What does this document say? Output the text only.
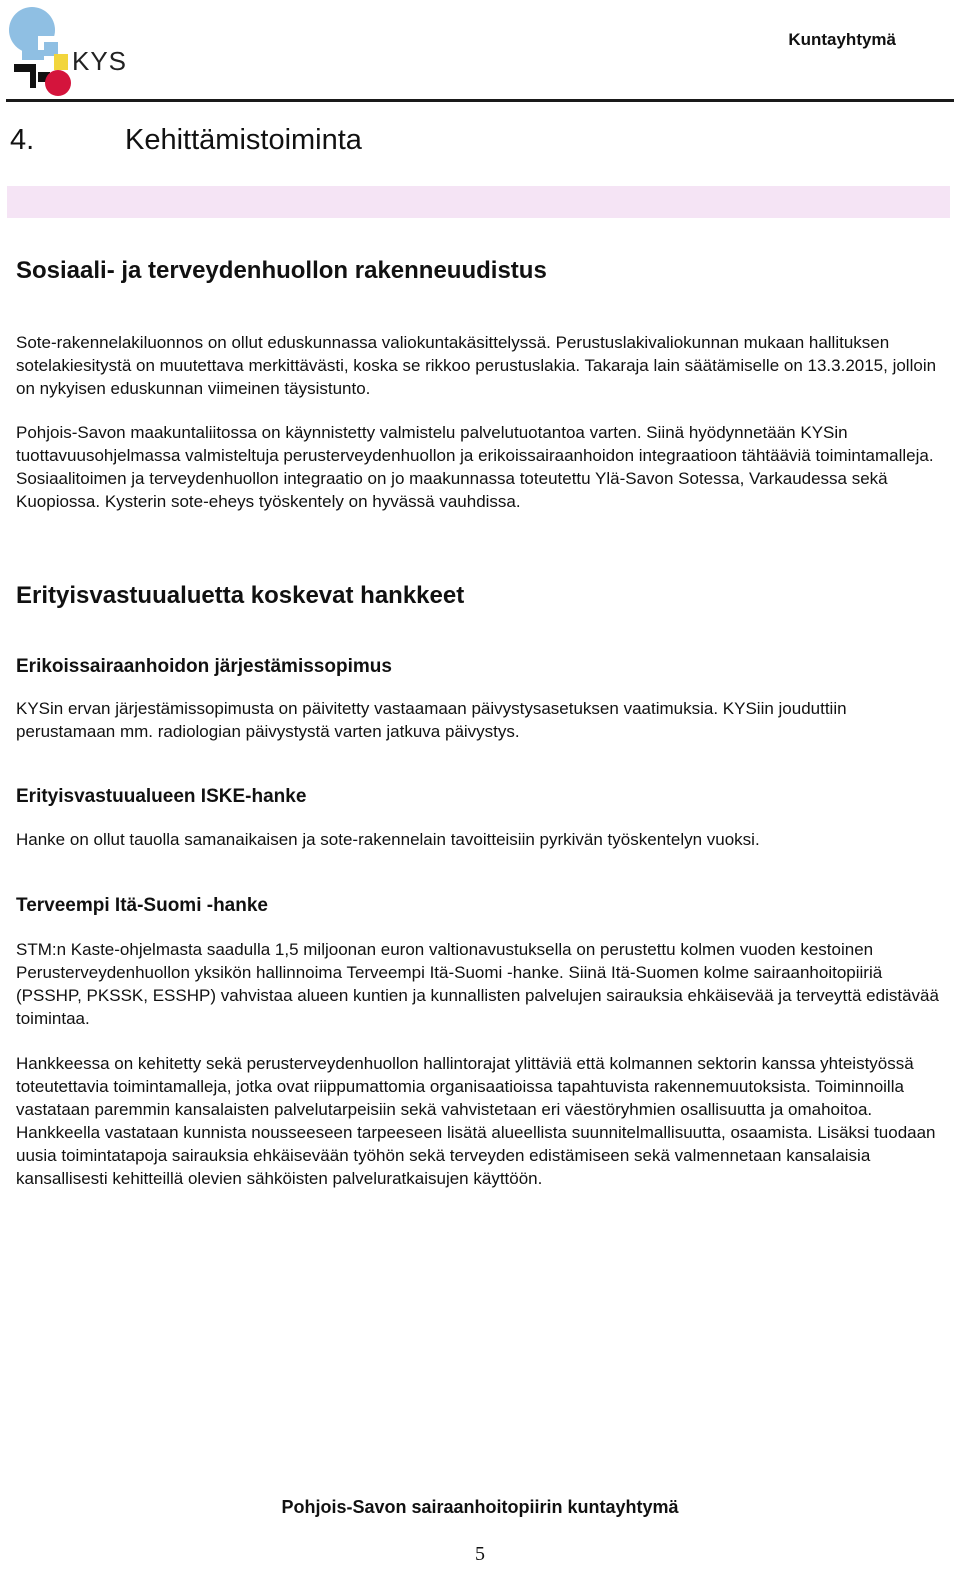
KYS
Kuntayhtymä
4.	Kehittämistoiminta
Sosiaali- ja terveydenhuollon rakenneuudistus

Sote-rakennelakiluonnos on ollut eduskunnassa valiokuntakäsittelyssä. Perustuslakivaliokunnan mukaan hallituksen sotelakiesitystä on muutettava merkittävästi, koska se rikkoo perustuslakia. Takaraja lain säätämiselle on 13.3.2015, jolloin on nykyisen eduskunnan viimeinen täysistunto.

Pohjois-Savon maakuntaliitossa on käynnistetty valmistelu palvelutuotantoa varten. Siinä hyödynnetään KYSin tuottavuusohjelmassa valmisteltuja perusterveydenhuollon ja erikoissairaanhoidon integraatioon tähtääviä toimintamalleja. Sosiaalitoimen ja terveydenhuollon integraatio on jo maakunnassa toteutettu Ylä-Savon Sotessa, Varkaudessa sekä Kuopiossa. Kysterin sote-eheys työskentely on hyvässä vauhdissa.

Erityisvastuualuetta koskevat hankkeet
Erikoissairaanhoidon järjestämissopimus

KYSin ervan järjestämissopimusta on päivitetty vastaamaan päivystysasetuksen vaatimuksia. KYSiin jouduttiin perustamaan mm. radiologian päivystystä varten jatkuva päivystys.

Erityisvastuualueen ISKE-hanke

Hanke on ollut tauolla samanaikaisen ja sote-rakennelain tavoitteisiin pyrkivän työskentelyn vuoksi.

Terveempi Itä-Suomi -hanke

STM:n Kaste-ohjelmasta saadulla 1,5 miljoonan euron valtionavustuksella on perustettu kolmen vuoden kestoinen Perusterveydenhuollon yksikön hallinnoima Terveempi Itä-Suomi -hanke. Siinä Itä-Suomen kolme sairaanhoitopiiriä (PSSHP, PKSSK, ESSHP) vahvistaa alueen kuntien ja kunnallisten palvelujen sairauksia ehkäisevää ja terveyttä edistävää toimintaa.

Hankkeessa on kehitetty sekä perusterveydenhuollon hallintorajat ylittäviä että kolmannen sektorin kanssa yhteistyössä toteutettavia toimintamalleja, jotka ovat riippumattomia organisaatioissa tapahtuvista rakennemuutoksista. Toiminnoilla vastataan paremmin kansalaisten palvelutarpeisiin sekä vahvistetaan eri väestöryhmien osallisuutta ja omahoitoa. Hankkeella vastataan kunnista nousseeseen tarpeeseen lisätä alueellista suunnitelmallisuutta, osaamista. Lisäksi tuodaan uusia toimintatapoja sairauksia ehkäisevään työhön sekä terveyden edistämiseen sekä valmennetaan kansalaisia kansallisesti kehitteillä olevien sähköisten palveluratkaisujen käyttöön.

Pohjois-Savon sairaanhoitopiirin kuntayhtymä
5
